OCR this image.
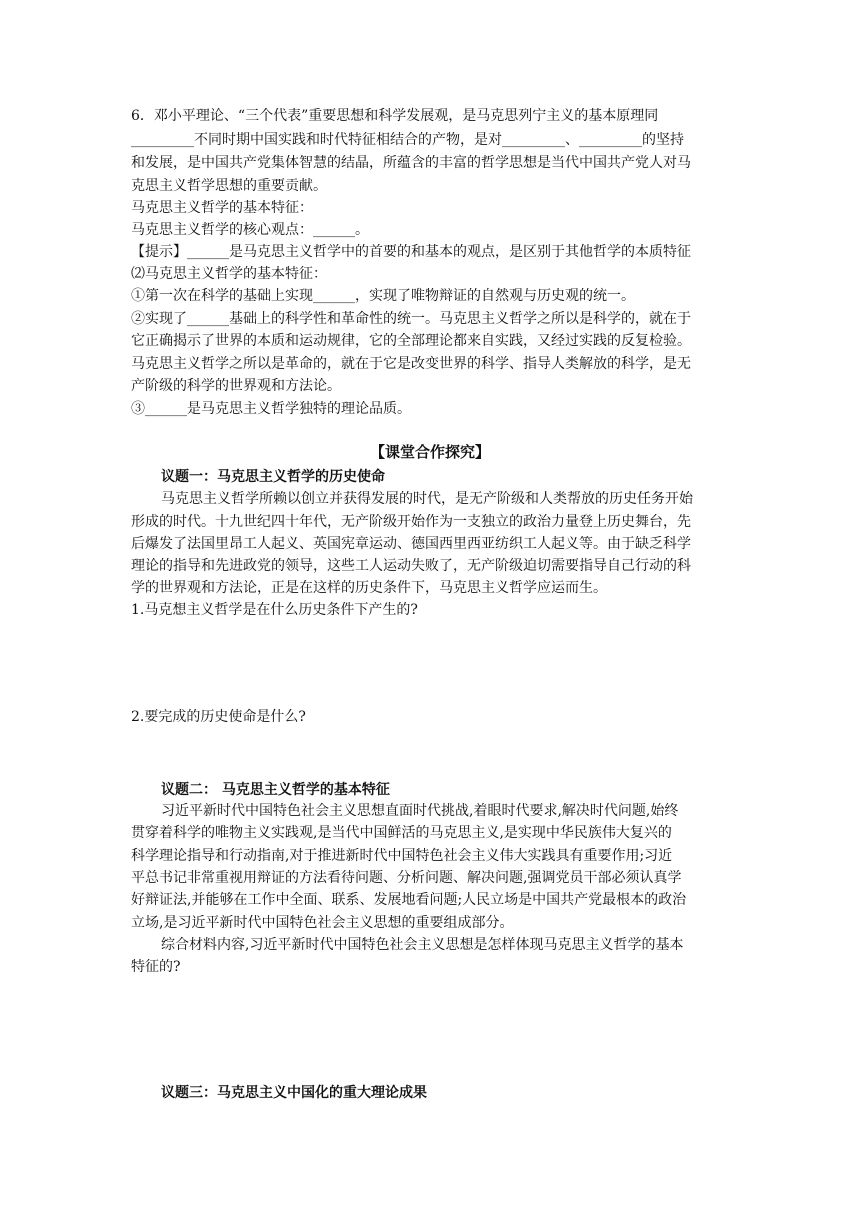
6．邓小平理论、“三个代表”重要思想和科学发展观，是马克思列宁主义的基本原理同
_________不同时期中国实践和时代特征相结合的产物，是对_________、_________的坚持
和发展，是中国共产党集体智慧的结晶，所蕴含的丰富的哲学思想是当代中国共产党人对马
克思主义哲学思想的重要贡献。
马克思主义哲学的基本特征：
马克思主义哲学的核心观点：______。
【提示】______是马克思主义哲学中的首要的和基本的观点，是区别于其他哲学的本质特征
⑵马克思主义哲学的基本特征：
①第一次在科学的基础上实现______，实现了唯物辩证的自然观与历史观的统一。
②实现了______基础上的科学性和革命性的统一。马克思主义哲学之所以是科学的，就在于
它正确揭示了世界的本质和运动规律，它的全部理论都来自实践，又经过实践的反复检验。
马克思主义哲学之所以是革命的，就在于它是改变世界的科学、指导人类解放的科学，是无
产阶级的科学的世界观和方法论。
③______是马克思主义哲学独特的理论品质。
【课堂合作探究】
议题一：马克思主义哲学的历史使命
马克思主义哲学所赖以创立并获得发展的时代，是无产阶级和人类帮放的历史任务开始
形成的时代。十九世纪四十年代，无产阶级开始作为一支独立的政治力量登上历史舞台，先
后爆发了法国里昂工人起义、英国宪章运动、德国西里西亚纺织工人起义等。由于缺乏科学
理论的指导和先进政党的领导，这些工人运动失败了，无产阶级迫切需要指导自己行动的科
学的世界观和方法论，正是在这样的历史条件下，马克思主义哲学应运而生。
1.马克想主义哲学是在什么历史条件下产生的?
2.要完成的历史使命是什么?
议题二： 马克思主义哲学的基本特征
习近平新时代中国特色社会主义思想直面时代挑战,着眼时代要求,解决时代问题,始终
贯穿着科学的唯物主义实践观,是当代中国鲜活的马克思主义,是实现中华民族伟大复兴的
科学理论指导和行动指南,对于推进新时代中国特色社会主义伟大实践具有重要作用;习近
平总书记非常重视用辩证的方法看待问题、分析问题、解决问题,强调党员干部必须认真学
好辩证法,并能够在工作中全面、联系、发展地看问题;人民立场是中国共产党最根本的政治
立场,是习近平新时代中国特色社会主义思想的重要组成部分。
综合材料内容,习近平新时代中国特色社会主义思想是怎样体现马克思主义哲学的基本
特征的?
议题三：马克思主义中国化的重大理论成果
